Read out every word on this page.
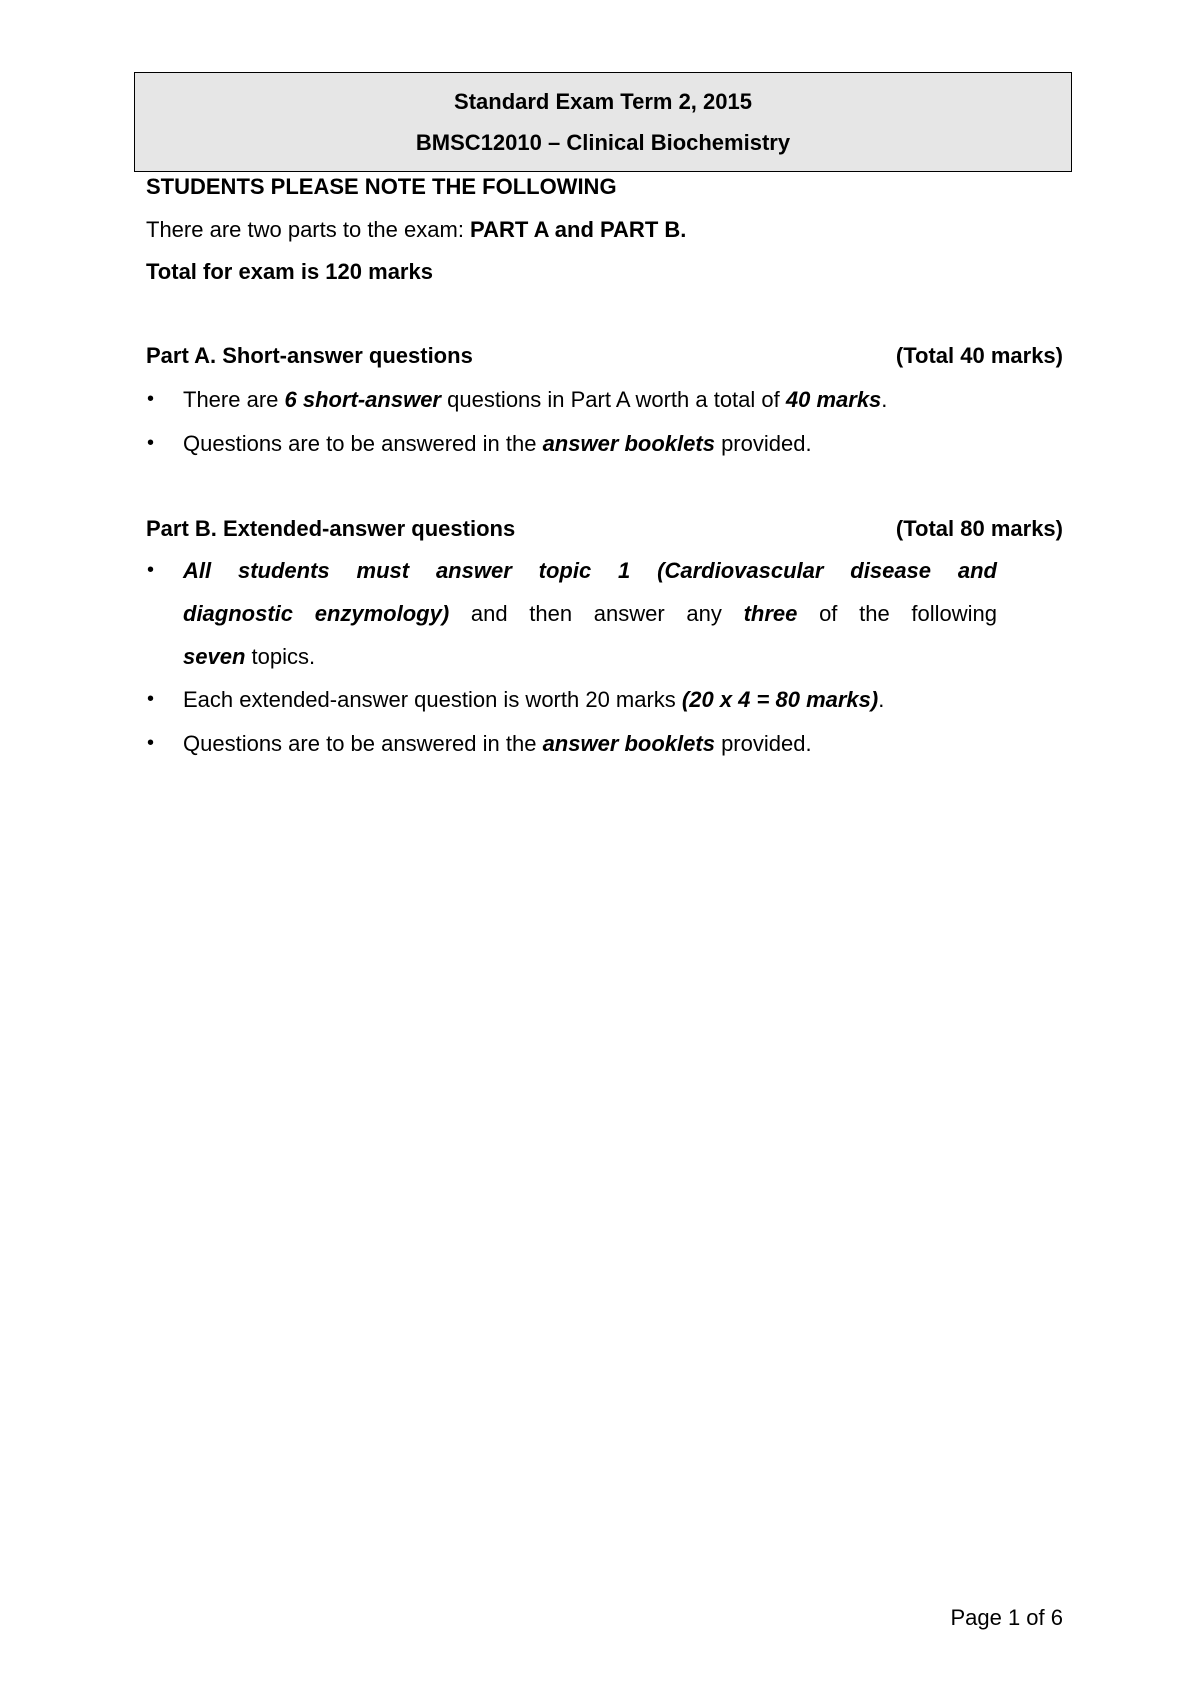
Standard Exam Term 2, 2015
BMSC12010 – Clinical Biochemistry
STUDENTS PLEASE NOTE THE FOLLOWING
There are two parts to the exam: PART A and PART B.
Total for exam is 120 marks
Part A. Short-answer questions	(Total 40 marks)
• There are 6 short-answer questions in Part A worth a total of 40 marks.
• Questions are to be answered in the answer booklets provided.
Part B. Extended-answer questions	(Total 80 marks)
• All students must answer topic 1 (Cardiovascular disease and
diagnostic enzymology) and then answer any three of the following
seven topics.
• Each extended-answer question is worth 20 marks (20 x 4 = 80 marks).
• Questions are to be answered in the answer booklets provided.
Page 1 of 6
